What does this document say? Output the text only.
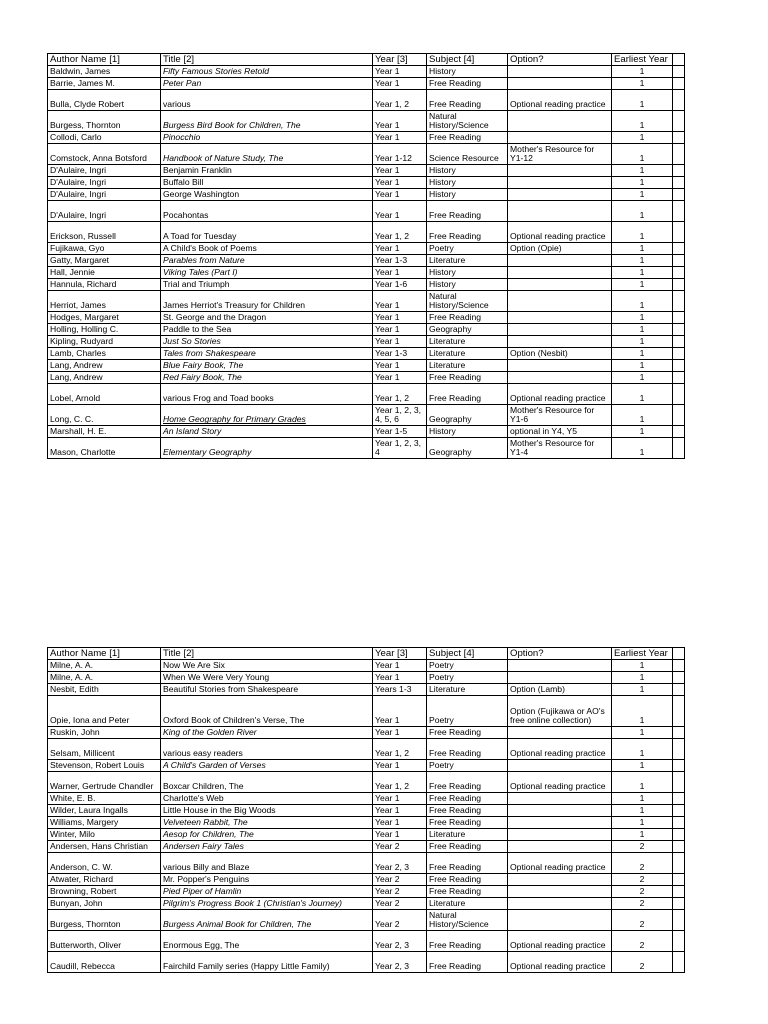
Author Name [1]	Title [2]	Year [3]	Subject [4]	Option?	Earliest Year	
Baldwin, James	Fifty Famous Stories Retold	Year 1	History		1	
Barrie, James M.	Peter Pan	Year 1	Free Reading		1	
Bulla, Clyde Robert	various	Year 1, 2	Free Reading	Optional reading practice	1	
Burgess, Thornton	Burgess Bird Book for Children, The	Year 1	Natural History/Science		1	
Collodi, Carlo	Pinocchio	Year 1	Free Reading		1	
Comstock, Anna Botsford	Handbook of Nature Study, The	Year 1-12	Science Resource	Mother's Resource for Y1-12	1	
D'Aulaire, Ingri	Benjamin Franklin	Year 1	History		1	
D'Aulaire, Ingri	Buffalo Bill	Year 1	History		1	
D'Aulaire, Ingri	George Washington	Year 1	History		1	
D'Aulaire, Ingri	Pocahontas	Year 1	Free Reading		1	
Erickson, Russell	A Toad for Tuesday	Year 1, 2	Free Reading	Optional reading practice	1	
Fujikawa, Gyo	A Child's Book of Poems	Year 1	Poetry	Option (Opie)	1	
Gatty, Margaret	Parables from Nature	Year 1-3	Literature		1	
Hall, Jennie	Viking Tales (Part I)	Year 1	History		1	
Hannula, Richard	Trial and Triumph	Year 1-6	History		1	
Herriot, James	James Herriot's Treasury for Children	Year 1	Natural History/Science		1	
Hodges, Margaret	St. George and the Dragon	Year 1	Free Reading		1	
Holling, Holling C.	Paddle to the Sea	Year 1	Geography		1	
Kipling, Rudyard	Just So Stories	Year 1	Literature		1	
Lamb, Charles	Tales from Shakespeare	Year 1-3	Literature	Option (Nesbit)	1	
Lang, Andrew	Blue Fairy Book, The	Year 1	Literature		1	
Lang, Andrew	Red Fairy Book, The	Year 1	Free Reading		1	
Lobel, Arnold	various Frog and Toad books	Year 1, 2	Free Reading	Optional reading practice	1	
Long, C. C.	Home Geography for Primary Grades	Year 1, 2, 3, 4, 5, 6	Geography	Mother's Resource for Y1-6	1	
Marshall, H. E.	An Island Story	Year 1-5	History	optional in Y4, Y5	1	
Mason, Charlotte	Elementary Geography	Year 1, 2, 3, 4	Geography	Mother's Resource for Y1-4	1	
Author Name [1]	Title [2]	Year [3]	Subject [4]	Option?	Earliest Year	
Milne, A. A.	Now We Are Six	Year 1	Poetry		1	
Milne, A. A.	When We Were Very Young	Year 1	Poetry		1	
Nesbit, Edith	Beautiful Stories from Shakespeare	Years 1-3	Literature	Option (Lamb)	1	
Opie, Iona and Peter	Oxford Book of Children's Verse, The	Year 1	Poetry	Option (Fujikawa or AO's free online collection)	1	
Ruskin, John	King of the Golden River	Year 1	Free Reading		1	
Selsam, Millicent	various easy readers	Year 1, 2	Free Reading	Optional reading practice	1	
Stevenson, Robert Louis	A Child's Garden of Verses	Year 1	Poetry		1	
Warner, Gertrude Chandler	Boxcar Children, The	Year 1, 2	Free Reading	Optional reading practice	1	
White, E. B.	Charlotte's Web	Year 1	Free Reading		1	
Wilder, Laura Ingalls	Little House in the Big Woods	Year 1	Free Reading		1	
Williams, Margery	Velveteen Rabbit, The	Year 1	Free Reading		1	
Winter, Milo	Aesop for Children, The	Year 1	Literature		1	
Andersen, Hans Christian	Andersen Fairy Tales	Year 2	Free Reading		2	
Anderson, C. W.	various Billy and Blaze	Year 2, 3	Free Reading	Optional reading practice	2	
Atwater, Richard	Mr. Popper's Penguins	Year 2	Free Reading		2	
Browning, Robert	Pied Piper of Hamlin	Year 2	Free Reading		2	
Bunyan, John	Pilgrim's Progress Book 1 (Christian's Journey)	Year 2	Literature		2	
Burgess, Thornton	Burgess Animal Book for Children, The	Year 2	Natural History/Science		2	
Butterworth, Oliver	Enormous Egg, The	Year 2, 3	Free Reading	Optional reading practice	2	
Caudill, Rebecca	Fairchild Family series (Happy Little Family)	Year 2, 3	Free Reading	Optional reading practice	2	
